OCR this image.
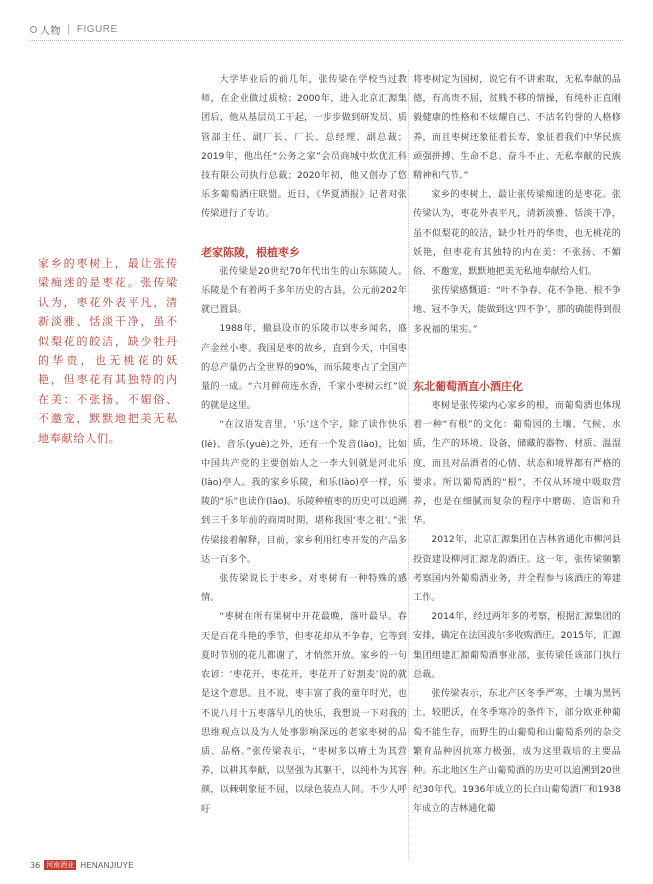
人物 | FIGURE
家乡的枣树上，最让张传梁痴迷的是枣花。张传梁认为，枣花外表平凡，清新淡雅、恬淡干净，虽不似梨花的皎洁，缺少牡丹的华贵，也无桃花的妖艳，但枣花有其独特的内在美：不张扬、不媚俗、不邀宠，默默地把美无私地奉献给人们。

大学毕业后的前几年，张传梁在学校当过教师，在企业做过质检；2000年，进入北京汇源集团后，他从基层员工干起，一步步做到研发员、质管部主任、副厂长、厂长、总经理、副总裁；2019年，他出任“公务之家”会员商城中炊优汇科技有限公司执行总裁；2020年初，他又创办了悠乐多葡萄酒庄联盟。近日，《华夏酒报》记者对张传梁进行了专访。

老家陈陵，根植枣乡

张传梁是20世纪70年代出生的山东陈陵人。乐陵是个有着两千多年历史的古县，公元前202年就已置县。

1988年，撤县设市的乐陵市以枣乡闻名，盛产金丝小枣。我国是枣的故乡，直到今天，中国枣的总产量仍占全世界的90%，而乐陵枣占了全国产量的一成。“六月鲜荷连水香，千家小枣树云红”说的就是这里。

“在汉语发音里，‘乐’这个字，除了读作快乐(lè)、音乐(yuè)之外，还有一个发音(lào)，比如中国共产党的主要创始人之一李大钊就是河北乐(lào)亭人。我的家乡乐陵，和乐(lào)亭一样，乐陵的“乐”也读作(lào)。乐陵种植枣的历史可以追溯到三千多年前的商周时期，堪称我国‘枣之祖’。”张传梁接着解释，目前，家乡利用红枣开发的产品多达一百多个。

张传梁说长于枣乡，对枣树有一种特殊的感情。

“枣树在所有果树中开花最晚，落叶最早。春天是百花斗艳的季节，但枣花却从不争春，它等到夏时节别的花儿都谢了，才悄然开放。家乡的一句农谚：‘枣花开，枣花开，枣花开了好割麦’说的就是这个意思。且不说，枣丰富了我的童年时光，也不说八月十五枣落早儿的快乐，我想说一下对我的思维观点以及为人处事影响深远的老家枣树的品质、品格。”张传梁表示，“枣树多以瘠土为其营养，以耕其奉献，以坚强为其躯干，以纯朴为其容颜，以棘刺象征不屈，以绿色装点人间。不少人呼吁

将枣树定为国树，说它有不讲索取，无私奉献的品德，有高贵不屈，贫贱不移的情操，有纯朴正直刚毅健康的性格和不炫耀自己、不沽名钓誉的人格修养，而且枣树还象征着长寿，象征着我们中华民族顽强拼搏、生命不息、奋斗不止、无私奉献的民族精神和气节。”

家乡的枣树上，最让张传梁痴迷的是枣花。张传梁认为，枣花外表平凡，清新淡雅、恬淡干净，虽不似梨花的皎洁，缺少牡丹的华贵，也无桃花的妖艳，但枣花有其独特的内在美：不张扬、不媚俗、不邀宠，默默地把美无私地奉献给人们。

张传梁感慨道：“叶不争春、花不争艳、根不争地、冠不争天，能做到这‘四不争’，那的确能得到很多祝福的果实。”

东北葡萄酒直小酒庄化

枣树是张传梁内心家乡的根，而葡萄酒也体现着一种“有根”的文化：葡萄园的土壤、气候、水质，生产的环境、设备，储藏的器物、材质、温湿度，而且对品酒者的心情、状态和境界都有严格的要求。所以葡萄酒的“根”，不仅从环境中吸取营养，也是在细腻而复杂的程序中磨砺、造诣和升华。

2012年，北京汇源集团在吉林省通化市柳河县投资建设柳河汇源龙韵酒庄。这一年，张传梁频繁考察国内外葡萄酒业务，并全程参与该酒庄的筹建工作。

2014年，经过两年多的考察，根据汇源集团的安排，确定在法国波尔多收购酒庄。2015年，汇源集团组建汇源葡萄酒事业部，张传梁任该部门执行总裁。

张传梁表示，东北产区冬季严寒，土壤为黑钙土，较肥沃，在冬季寒冷的条件下，部分欧亚种葡萄不能生存，而野生的山葡萄和山葡萄系列的杂交繁育品种因抗寒力极强，成为这里栽培的主要品种。东北地区生产山葡萄酒的历史可以追溯到20世纪30年代。1936年成立的长白山葡萄酒厂和1938年成立的吉林通化葡

36 河南酒业 HENANJIUYE
